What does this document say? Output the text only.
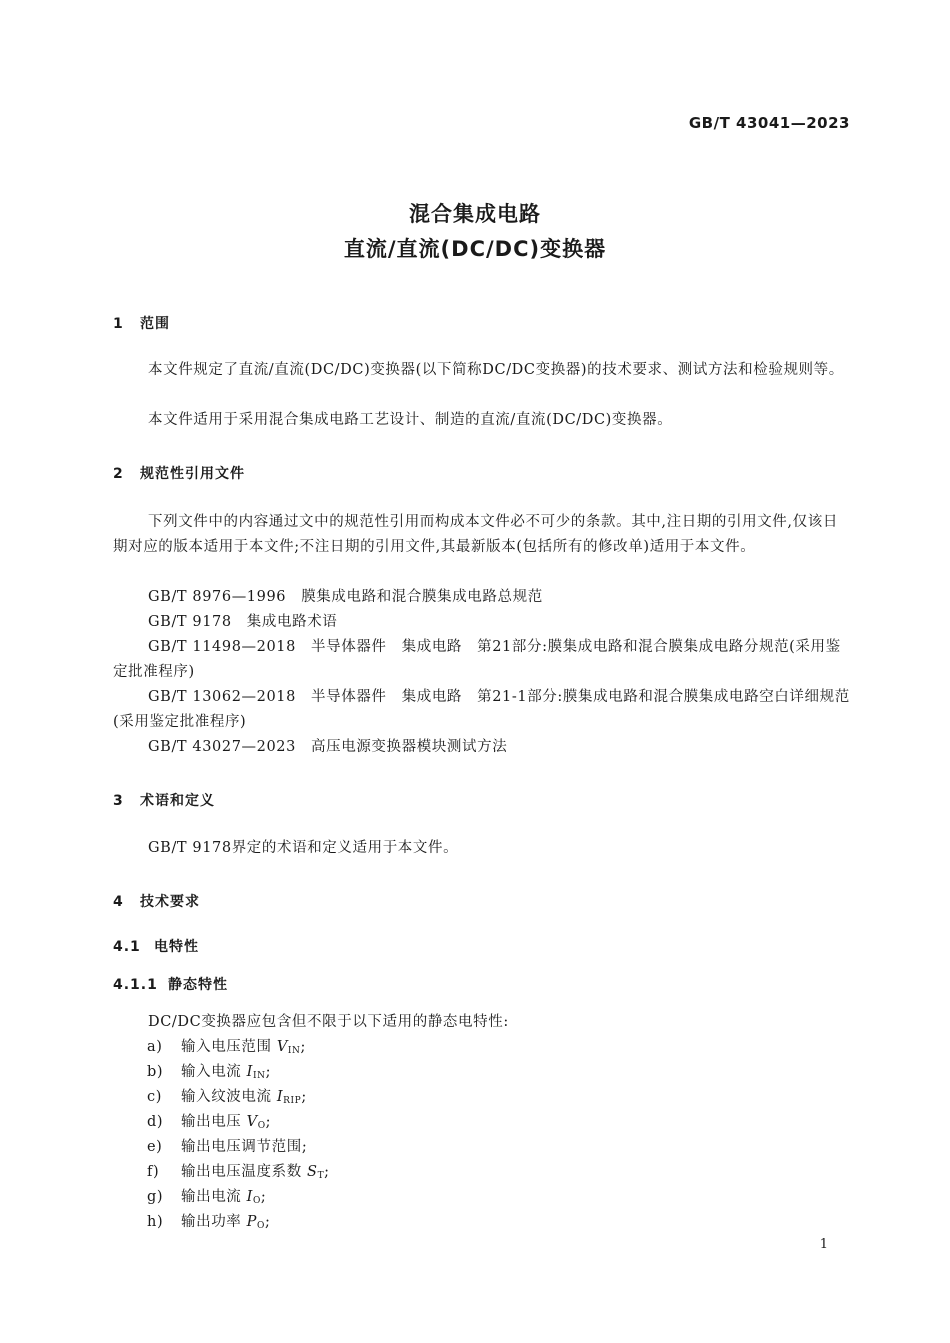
GB/T 43041—2023
混合集成电路
直流/直流(DC/DC)变换器
1 范围
本文件规定了直流/直流(DC/DC)变换器(以下简称DC/DC变换器)的技术要求、测试方法和检验规则等。
本文件适用于采用混合集成电路工艺设计、制造的直流/直流(DC/DC)变换器。
2 规范性引用文件
下列文件中的内容通过文中的规范性引用而构成本文件必不可少的条款。其中,注日期的引用文件,仅该日期对应的版本适用于本文件;不注日期的引用文件,其最新版本(包括所有的修改单)适用于本文件。
GB/T 8976—1996　膜集成电路和混合膜集成电路总规范
GB/T 9178　集成电路术语
GB/T 11498—2018　半导体器件　集成电路　第21部分:膜集成电路和混合膜集成电路分规范(采用鉴定批准程序)
GB/T 13062—2018　半导体器件　集成电路　第21-1部分:膜集成电路和混合膜集成电路空白详细规范(采用鉴定批准程序)
GB/T 43027—2023　高压电源变换器模块测试方法
3 术语和定义
GB/T 9178界定的术语和定义适用于本文件。
4 技术要求
4.1 电特性
4.1.1 静态特性
DC/DC变换器应包含但不限于以下适用的静态电特性:
a) 输入电压范围 $V_{IN}$;
b) 输入电流 $I_{IN}$;
c) 输入纹波电流 $I_{RIP}$;
d) 输出电压 $V_O$;
e) 输出电压调节范围;
f) 输出电压温度系数 $S_T$;
g) 输出电流 $I_O$;
h) 输出功率 $P_O$;
1
